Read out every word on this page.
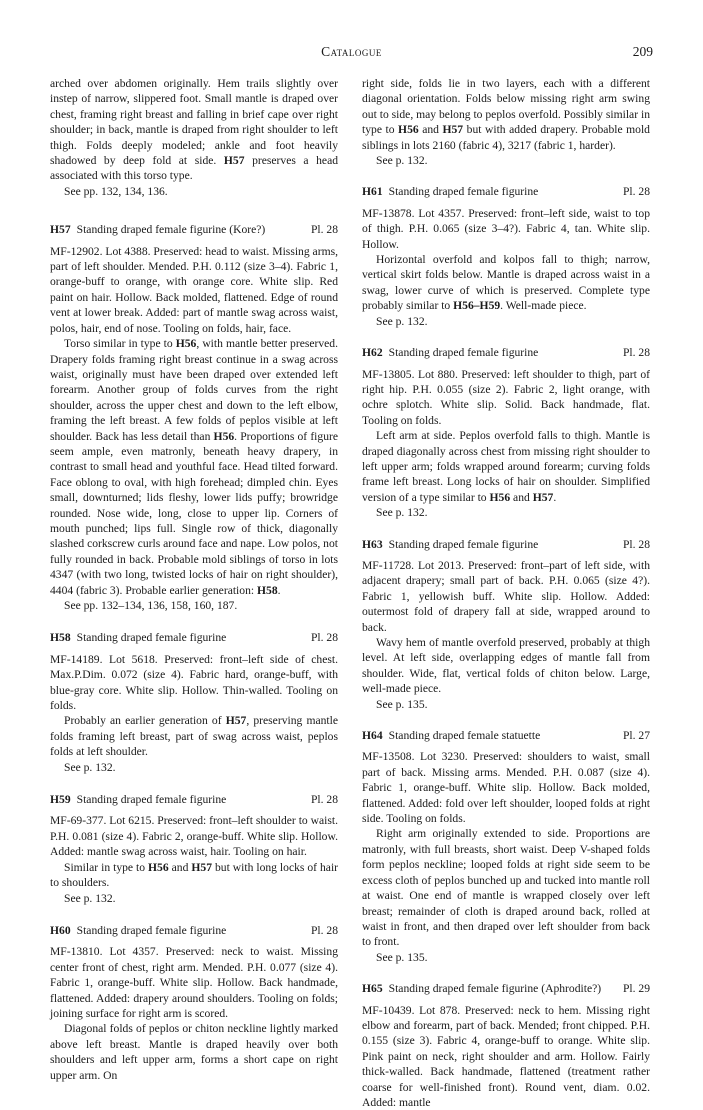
Catalogue	209

arched over abdomen originally. Hem trails slightly over instep of narrow, slippered foot. Small mantle is draped over chest, framing right breast and falling in brief cape over right shoulder; in back, mantle is draped from right shoulder to left thigh. Folds deeply modeled; ankle and foot heavily shadowed by deep fold at side. H57 preserves a head associated with this torso type.

See pp. 132, 134, 136.

H57 Standing draped female figurine (Kore?)	Pl. 28

MF-12902. Lot 4388. Preserved: head to waist. Missing arms, part of left shoulder. Mended. P.H. 0.112 (size 3–4). Fabric 1, orange-buff to orange, with orange core. White slip. Red paint on hair. Hollow. Back molded, flattened. Edge of round vent at lower break. Added: part of mantle swag across waist, polos, hair, end of nose. Tooling on folds, hair, face.

Torso similar in type to H56, with mantle better preserved. Drapery folds framing right breast continue in a swag across waist, originally must have been draped over extended left forearm. Another group of folds curves from the right shoulder, across the upper chest and down to the left elbow, framing the left breast. A few folds of peplos visible at left shoulder. Back has less detail than H56. Proportions of figure seem ample, even matronly, beneath heavy drapery, in contrast to small head and youthful face. Head tilted forward. Face oblong to oval, with high forehead; dimpled chin. Eyes small, downturned; lids fleshy, lower lids puffy; browridge rounded. Nose wide, long, close to upper lip. Corners of mouth punched; lips full. Single row of thick, diagonally slashed corkscrew curls around face and nape. Low polos, not fully rounded in back. Probable mold siblings of torso in lots 4347 (with two long, twisted locks of hair on right shoulder), 4404 (fabric 3). Probable earlier generation: H58.

See pp. 132–134, 136, 158, 160, 187.

H58 Standing draped female figurine	Pl. 28

MF-14189. Lot 5618. Preserved: front–left side of chest. Max.P.Dim. 0.072 (size 4). Fabric hard, orange-buff, with blue-gray core. White slip. Hollow. Thin-walled. Tooling on folds.

Probably an earlier generation of H57, preserving mantle folds framing left breast, part of swag across waist, peplos folds at left shoulder.

See p. 132.

H59 Standing draped female figurine	Pl. 28

MF-69-377. Lot 6215. Preserved: front–left shoulder to waist. P.H. 0.081 (size 4). Fabric 2, orange-buff. White slip. Hollow. Added: mantle swag across waist, hair. Tooling on hair.

Similar in type to H56 and H57 but with long locks of hair to shoulders.

See p. 132.

H60 Standing draped female figurine	Pl. 28

MF-13810. Lot 4357. Preserved: neck to waist. Missing center front of chest, right arm. Mended. P.H. 0.077 (size 4). Fabric 1, orange-buff. White slip. Hollow. Back handmade, flattened. Added: drapery around shoulders. Tooling on folds; joining surface for right arm is scored.

Diagonal folds of peplos or chiton neckline lightly marked above left breast. Mantle is draped heavily over both shoulders and left upper arm, forms a short cape on right upper arm. On

right side, folds lie in two layers, each with a different diagonal orientation. Folds below missing right arm swing out to side, may belong to peplos overfold. Possibly similar in type to H56 and H57 but with added drapery. Probable mold siblings in lots 2160 (fabric 4), 3217 (fabric 1, harder).

See p. 132.

H61 Standing draped female figurine	Pl. 28

MF-13878. Lot 4357. Preserved: front–left side, waist to top of thigh. P.H. 0.065 (size 3–4?). Fabric 4, tan. White slip. Hollow.

Horizontal overfold and kolpos fall to thigh; narrow, vertical skirt folds below. Mantle is draped across waist in a swag, lower curve of which is preserved. Complete type probably similar to H56–H59. Well-made piece.

See p. 132.

H62 Standing draped female figurine	Pl. 28

MF-13805. Lot 880. Preserved: left shoulder to thigh, part of right hip. P.H. 0.055 (size 2). Fabric 2, light orange, with ochre splotch. White slip. Solid. Back handmade, flat. Tooling on folds.

Left arm at side. Peplos overfold falls to thigh. Mantle is draped diagonally across chest from missing right shoulder to left upper arm; folds wrapped around forearm; curving folds frame left breast. Long locks of hair on shoulder. Simplified version of a type similar to H56 and H57.

See p. 132.

H63 Standing draped female figurine	Pl. 28

MF-11728. Lot 2013. Preserved: front–part of left side, with adjacent drapery; small part of back. P.H. 0.065 (size 4?). Fabric 1, yellowish buff. White slip. Hollow. Added: outermost fold of drapery fall at side, wrapped around to back.

Wavy hem of mantle overfold preserved, probably at thigh level. At left side, overlapping edges of mantle fall from shoulder. Wide, flat, vertical folds of chiton below. Large, well-made piece.

See p. 135.

H64 Standing draped female statuette	Pl. 27

MF-13508. Lot 3230. Preserved: shoulders to waist, small part of back. Missing arms. Mended. P.H. 0.087 (size 4). Fabric 1, orange-buff. White slip. Hollow. Back molded, flattened. Added: fold over left shoulder, looped folds at right side. Tooling on folds.

Right arm originally extended to side. Proportions are matronly, with full breasts, short waist. Deep V-shaped folds form peplos neckline; looped folds at right side seem to be excess cloth of peplos bunched up and tucked into mantle roll at waist. One end of mantle is wrapped closely over left breast; remainder of cloth is draped around back, rolled at waist in front, and then draped over left shoulder from back to front.

See p. 135.

H65 Standing draped female figurine (Aphrodite?)	Pl. 29

MF-10439. Lot 878. Preserved: neck to hem. Missing right elbow and forearm, part of back. Mended; front chipped. P.H. 0.155 (size 3). Fabric 4, orange-buff to orange. White slip. Pink paint on neck, right shoulder and arm. Hollow. Fairly thick-walled. Back handmade, flattened (treatment rather coarse for well-finished front). Round vent, diam. 0.02. Added: mantle
